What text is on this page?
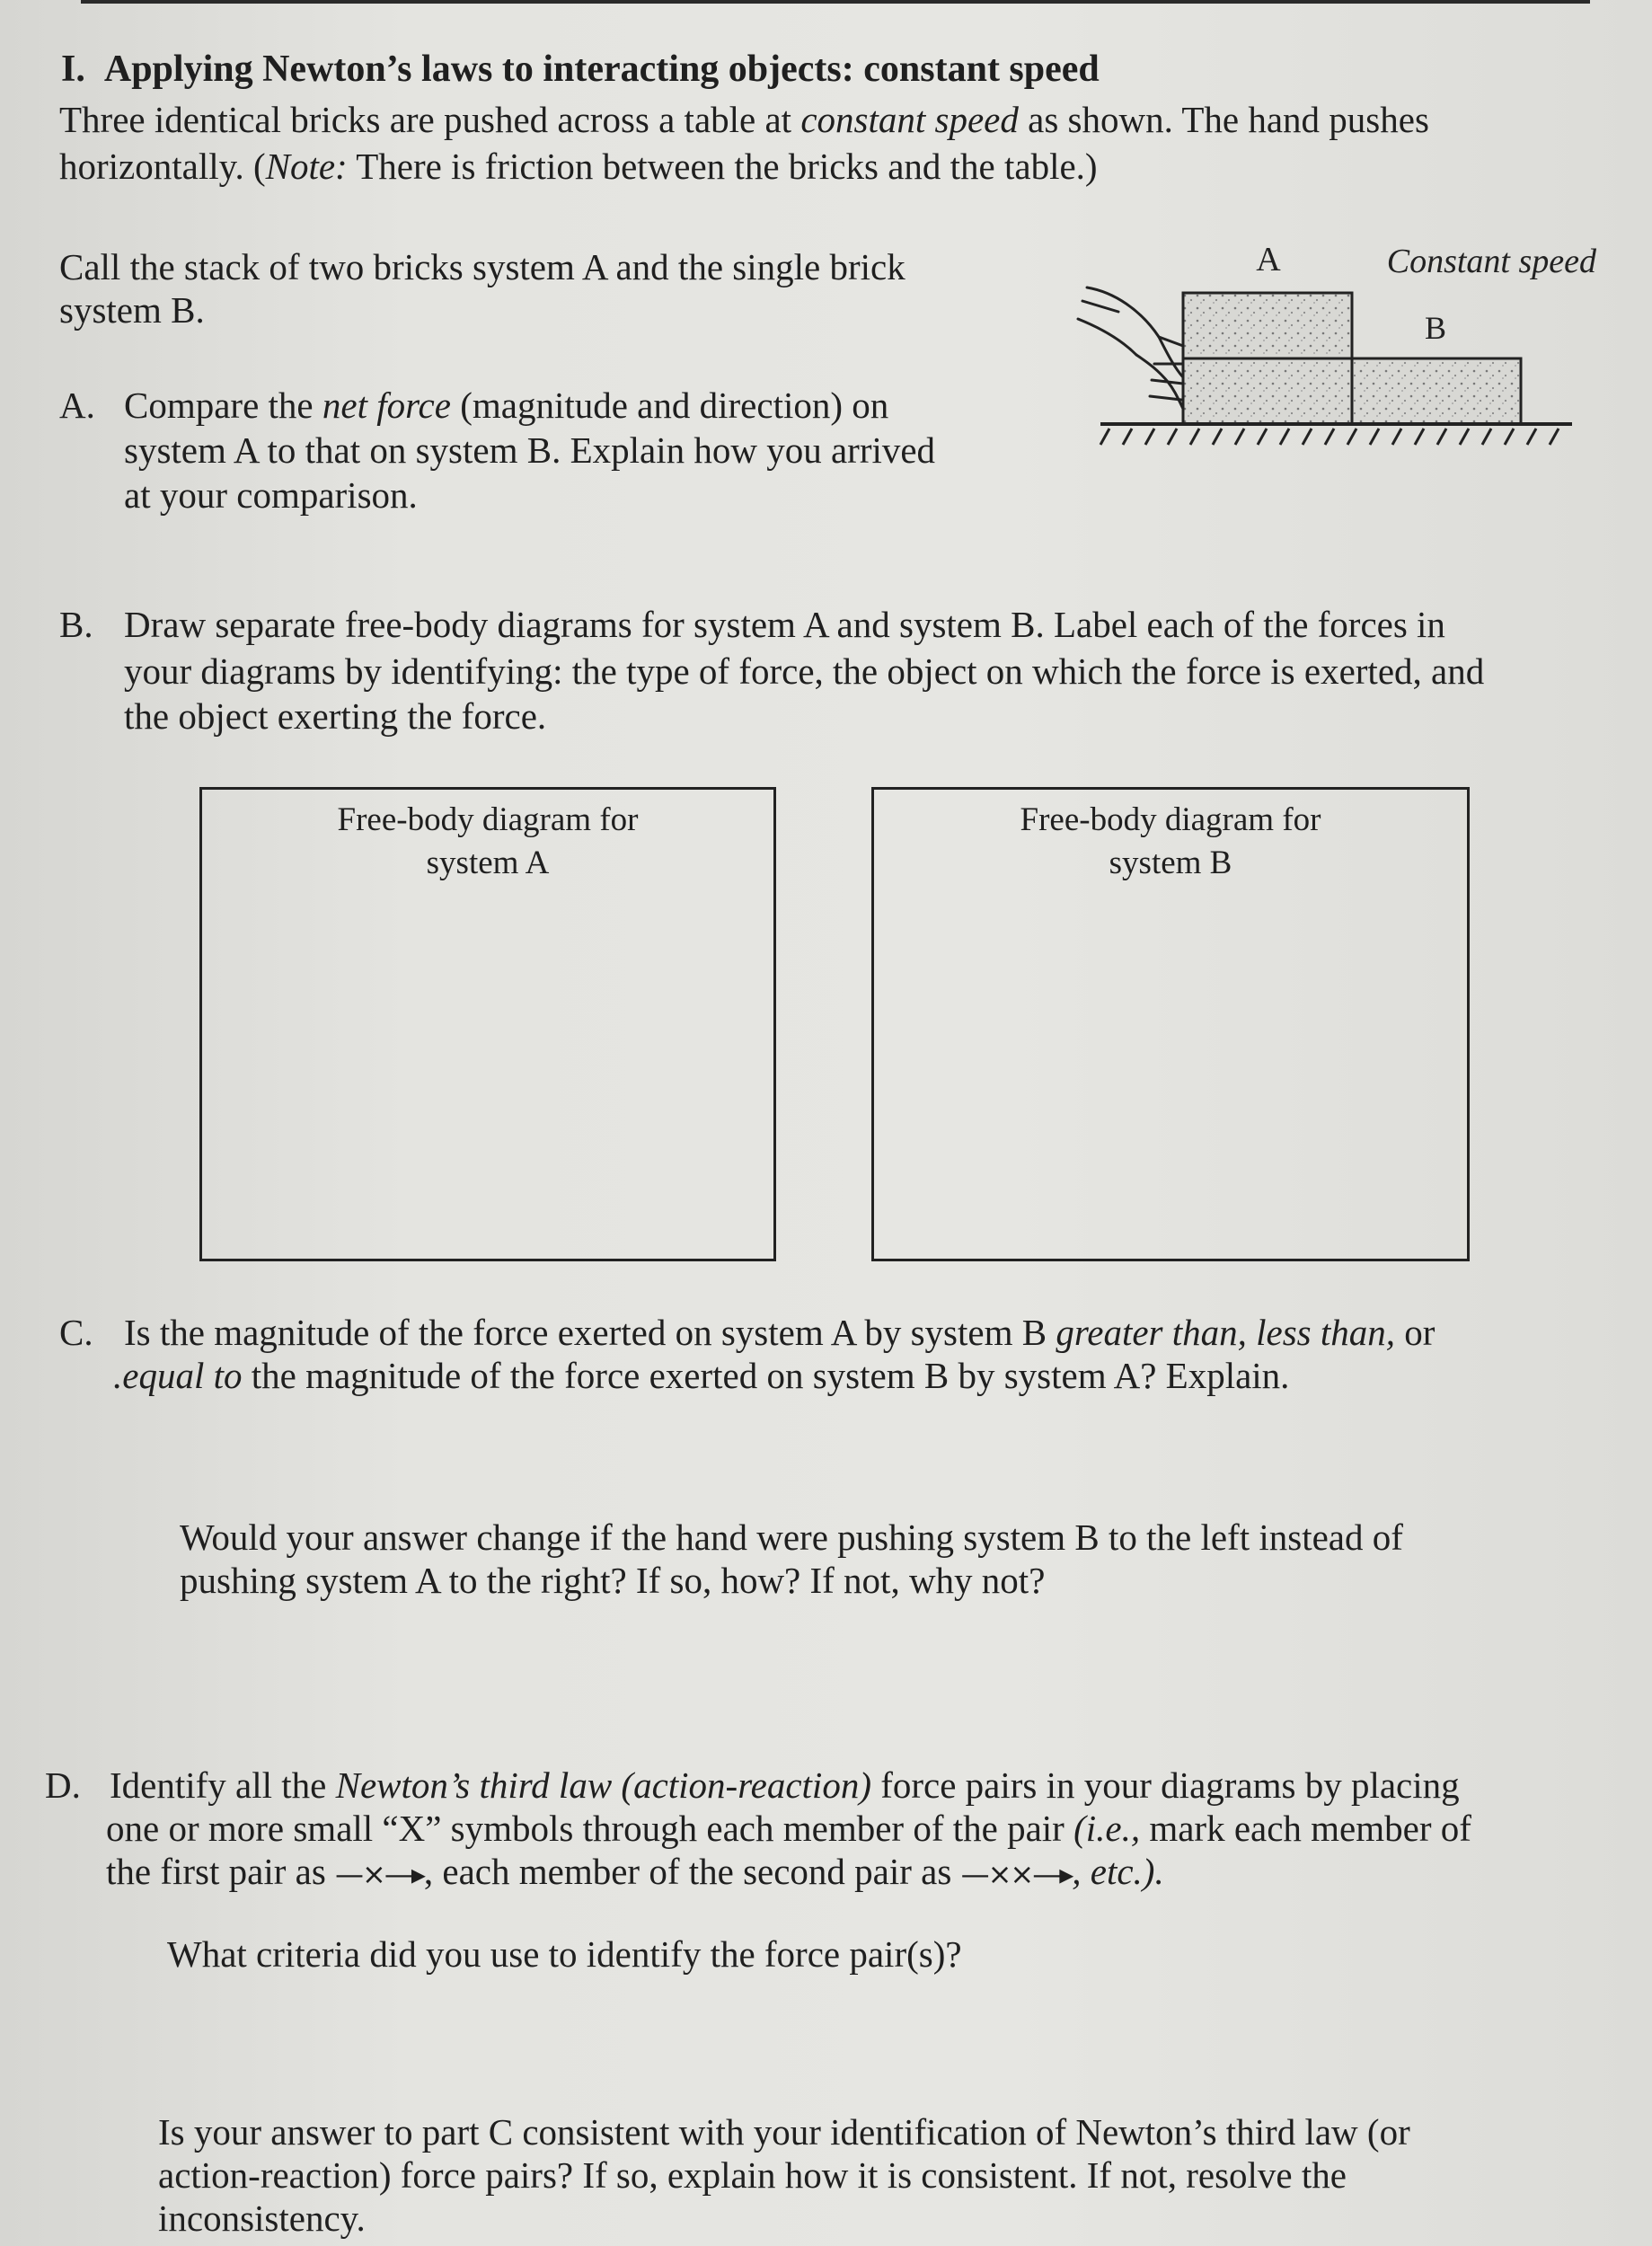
I. Applying Newton’s laws to interacting objects: constant speed
Three identical bricks are pushed across a table at constant speed as shown. The hand pushes
horizontally. (Note: There is friction between the bricks and the table.)
Call the stack of two bricks system A and the single brick
system B.
A	Constant speed
B
A. Compare the net force (magnitude and direction) on
system A to that on system B. Explain how you arrived
at your comparison.
B. Draw separate free-body diagrams for system A and system B. Label each of the forces in
your diagrams by identifying: the type of force, the object on which the force is exerted, and
the object exerting the force.
Free-body diagram for
system A
Free-body diagram for
system B
C. Is the magnitude of the force exerted on system A by system B greater than, less than, or
.equal to the magnitude of the force exerted on system B by system A? Explain.
Would your answer change if the hand were pushing system B to the left instead of
pushing system A to the right? If so, how? If not, why not?
D. Identify all the Newton’s third law (action-reaction) force pairs in your diagrams by placing
one or more small “X” symbols through each member of the pair (i.e., mark each member of
the first pair as —×—▸, each member of the second pair as —××—▸, etc.).
What criteria did you use to identify the force pair(s)?
Is your answer to part C consistent with your identification of Newton’s third law (or
action-reaction) force pairs? If so, explain how it is consistent. If not, resolve the
inconsistency.
